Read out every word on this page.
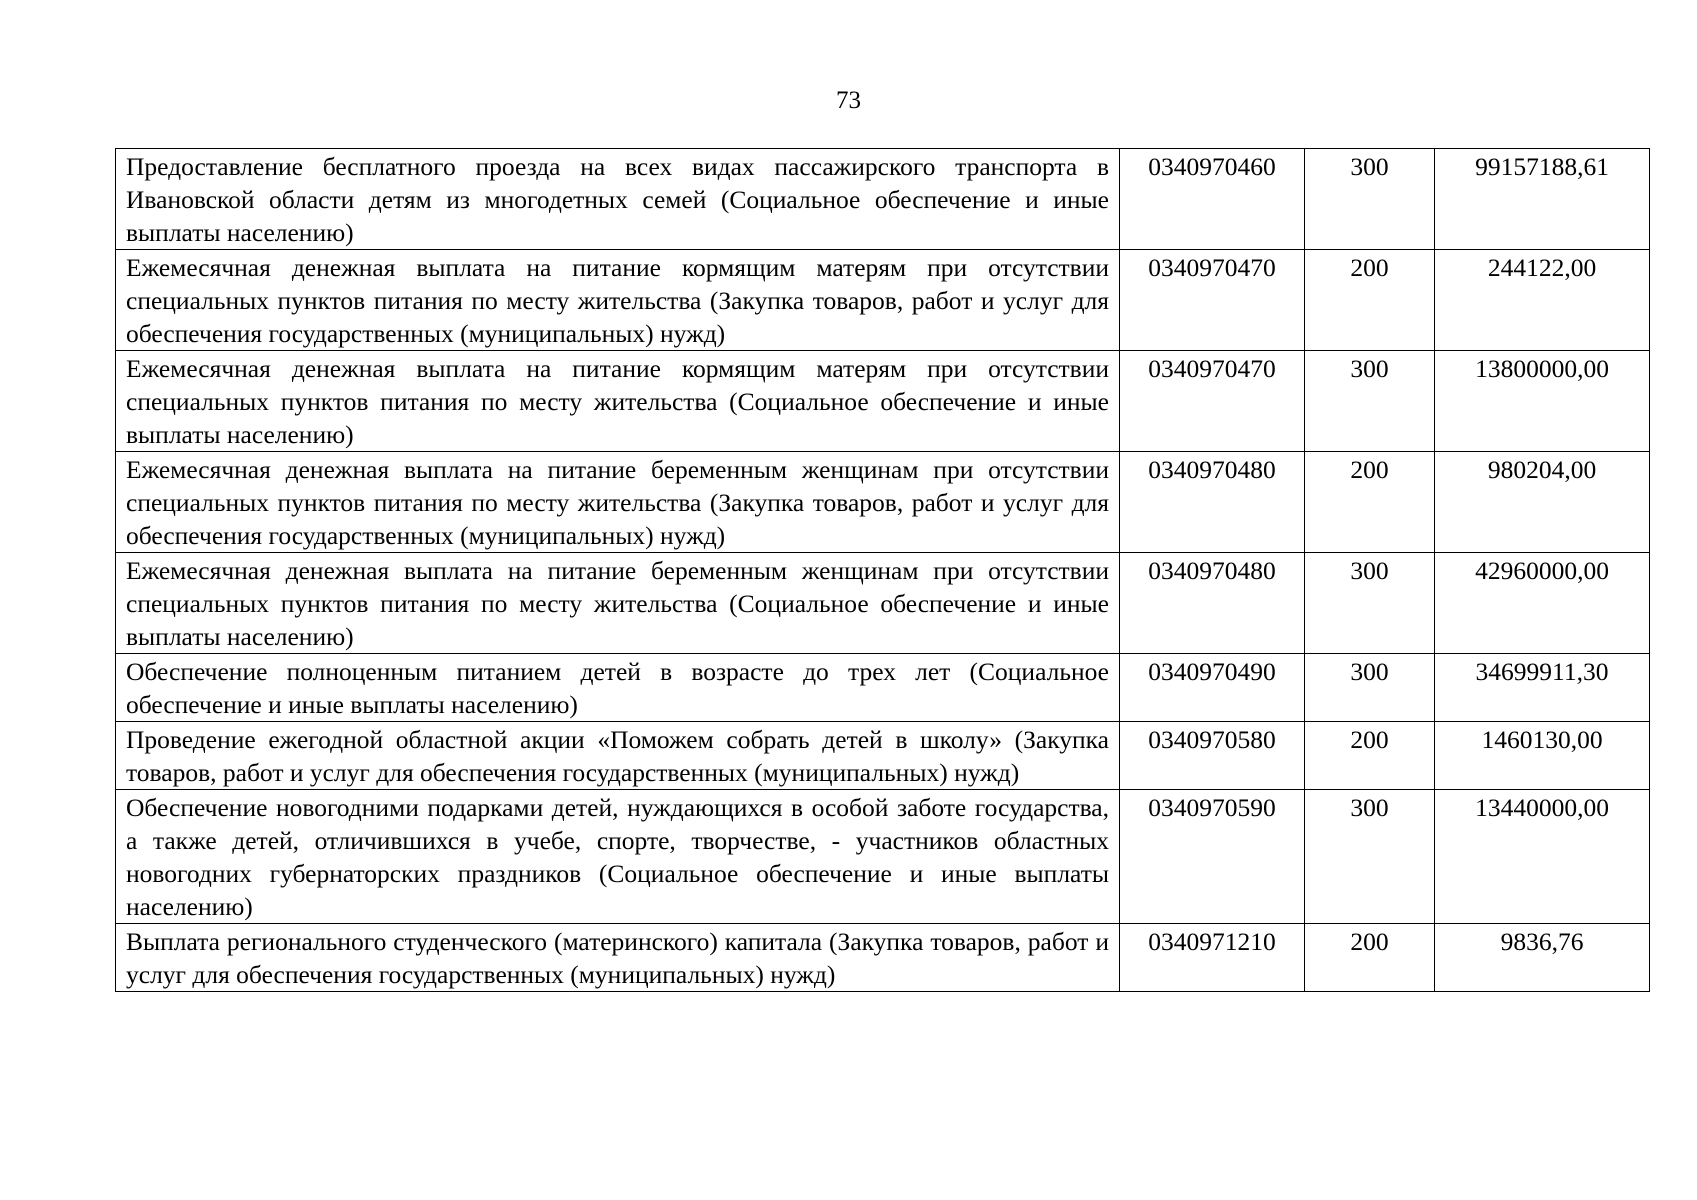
73
Предоставление бесплатного проезда на всех видах пассажирского транспорта в Ивановской области детям из многодетных семей (Социальное обеспечение и иные выплаты населению)	0340970460	300	99157188,61
Ежемесячная денежная выплата на питание кормящим матерям при отсутствии специальных пунктов питания по месту жительства (Закупка товаров, работ и услуг для обеспечения государственных (муниципальных) нужд)	0340970470	200	244122,00
Ежемесячная денежная выплата на питание кормящим матерям при отсутствии специальных пунктов питания по месту жительства (Социальное обеспечение и иные выплаты населению)	0340970470	300	13800000,00
Ежемесячная денежная выплата на питание беременным женщинам при отсутствии специальных пунктов питания по месту жительства (Закупка товаров, работ и услуг для обеспечения государственных (муниципальных) нужд)	0340970480	200	980204,00
Ежемесячная денежная выплата на питание беременным женщинам при отсутствии специальных пунктов питания по месту жительства (Социальное обеспечение и иные выплаты населению)	0340970480	300	42960000,00
Обеспечение полноценным питанием детей в возрасте до трех лет (Социальное обеспечение и иные выплаты населению)	0340970490	300	34699911,30
Проведение ежегодной областной акции «Поможем собрать детей в школу» (Закупка товаров, работ и услуг для обеспечения государственных (муниципальных) нужд)	0340970580	200	1460130,00
Обеспечение новогодними подарками детей, нуждающихся в особой заботе государства, а также детей, отличившихся в учебе, спорте, творчестве, - участников областных новогодних губернаторских праздников (Социальное обеспечение и иные выплаты населению)	0340970590	300	13440000,00
Выплата регионального студенческого (материнского) капитала (Закупка товаров, работ и услуг для обеспечения государственных (муниципальных) нужд)	0340971210	200	9836,76
